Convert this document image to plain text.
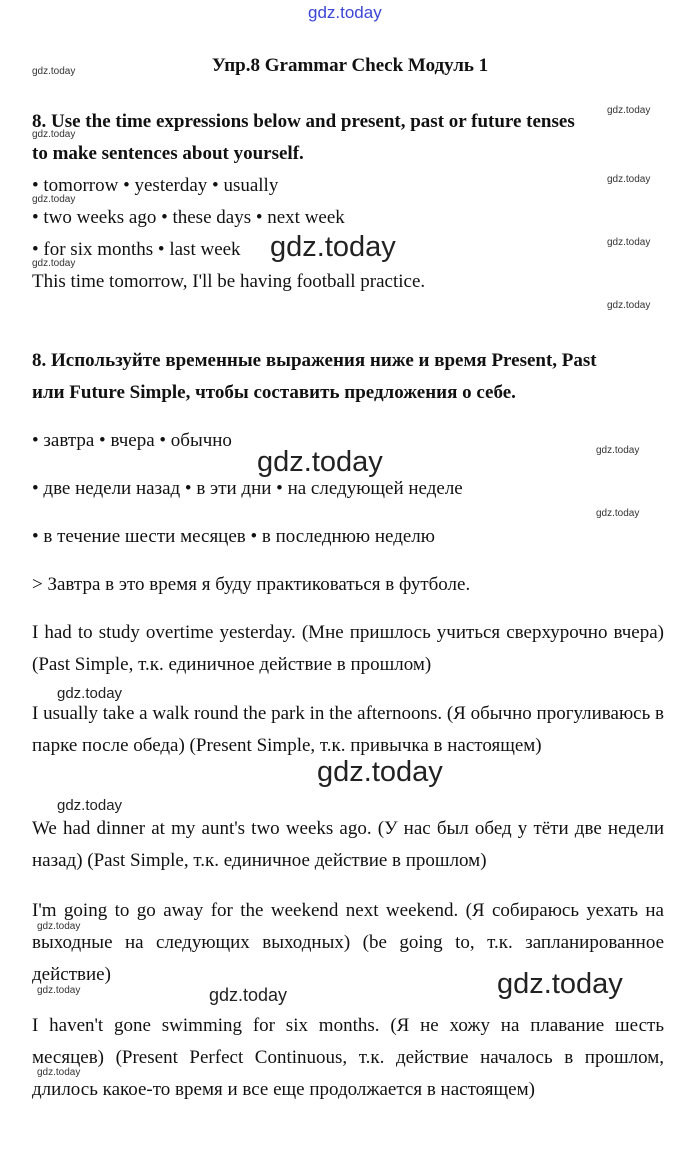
gdz.today
gdz.today
gdz.today
gdz.today
gdz.today
gdz.today
gdz.today
gdz.today
gdz.today
gdz.today
gdz.today
gdz.today
gdz.today
gdz.today
gdz.today
gdz.today
gdz.today
gdz.today	gdz.today	gdz.today
gdz.today
Упр.8 Grammar Check Модуль 1
8. Use the time expressions below and present, past or future tenses
to make sentences about yourself.
• tomorrow • yesterday • usually
• two weeks ago • these days • next week
• for six months • last week
This time tomorrow, I'll be having football practice.
8. Используйте временные выражения ниже и время Present, Past
или Future Simple, чтобы составить предложения о себе.
• завтра • вчера • обычно
• две недели назад • в эти дни • на следующей неделе
• в течение шести месяцев • в последнюю неделю
> Завтра в это время я буду практиковаться в футболе.
I had to study overtime yesterday. (Мне пришлось учиться сверхурочно вчера) (Past Simple, т.к. единичное действие в прошлом)
I usually take a walk round the park in the afternoons. (Я обычно прогуливаюсь в парке после обеда) (Present Simple, т.к. привычка в настоящем)
We had dinner at my aunt's two weeks ago. (У нас был обед у тёти две недели назад) (Past Simple, т.к. единичное действие в прошлом)
I'm going to go away for the weekend next weekend. (Я собираюсь уехать на выходные на следующих выходных) (be going to, т.к. запланированное действие)
I haven't gone swimming for six months. (Я не хожу на плавание шесть месяцев) (Present Perfect Continuous, т.к. действие началось в прошлом, длилось какое-то время и все еще продолжается в настоящем)
